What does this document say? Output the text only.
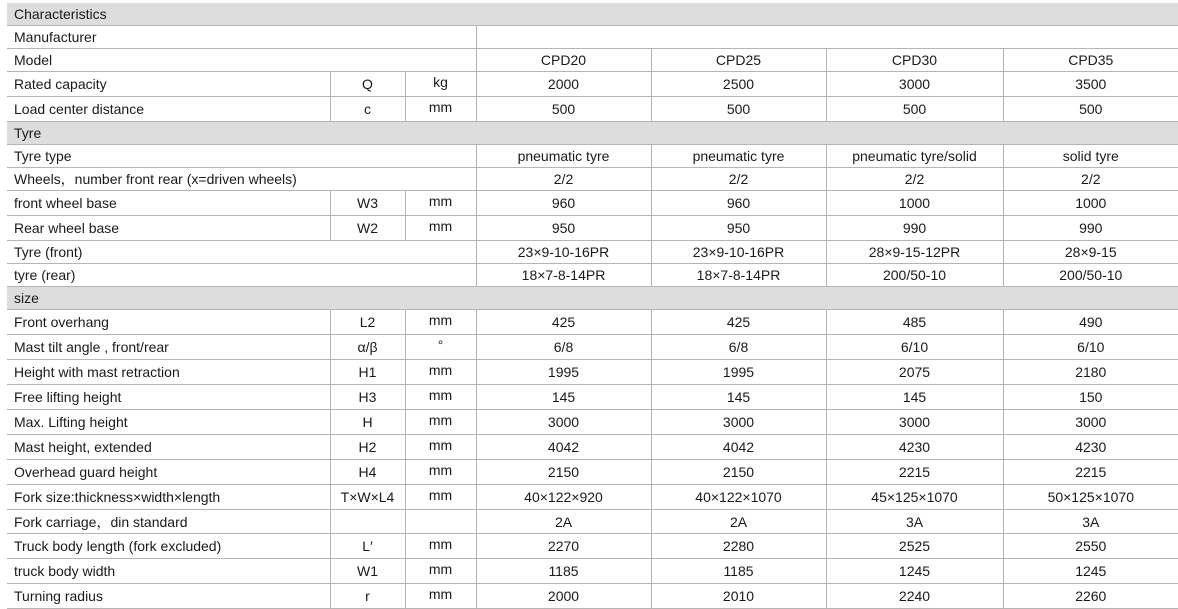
Characteristics						
Manufacturer						
Model			CPD20	CPD25	CPD30	CPD35
Rated capacity	Q	kg	2000	2500	3000	3500
Load center distance	c	mm	500	500	500	500
Tyre						
Tyre type			pneumatic tyre	pneumatic tyre	pneumatic tyre/solid	solid tyre
Wheels，number front rear (x=driven wheels)			2/2	2/2	2/2	2/2
front wheel base	W3	mm	960	960	1000	1000
Rear wheel base	W2	mm	950	950	990	990
Tyre (front)			23×9-10-16PR	23×9-10-16PR	28×9-15-12PR	28×9-15
tyre (rear)			18×7-8-14PR	18×7-8-14PR	200/50-10	200/50-10
size						
Front overhang	L2	mm	425	425	485	490
Mast tilt angle , front/rear	α/β	°	6/8	6/8	6/10	6/10
Height with mast retraction	H1	mm	1995	1995	2075	2180
Free lifting height	H3	mm	145	145	145	150
Max. Lifting height	H	mm	3000	3000	3000	3000
Mast height, extended	H2	mm	4042	4042	4230	4230
Overhead guard height	H4	mm	2150	2150	2215	2215
Fork size:thickness×width×length	T×W×L4	mm	40×122×920	40×122×1070	45×125×1070	50×125×1070
Fork carriage，din standard			2A	2A	3A	3A
Truck body length (fork excluded)	L′	mm	2270	2280	2525	2550
truck body width	W1	mm	1185	1185	1245	1245
Turning radius	r	mm	2000	2010	2240	2260
